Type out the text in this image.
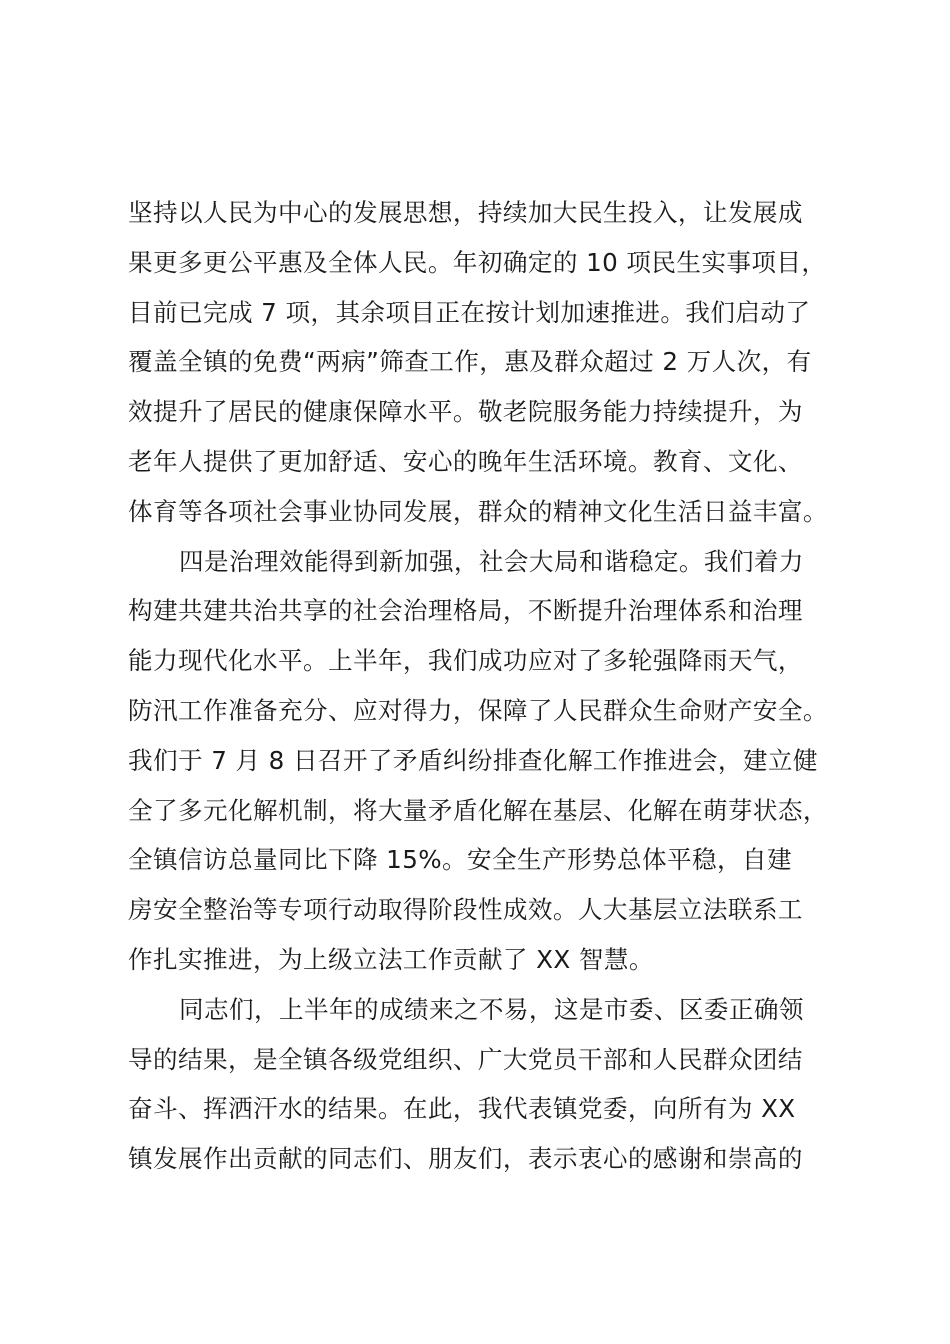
坚持以人民为中心的发展思想，持续加大民生投入，让发展成
果更多更公平惠及全体人民。年初确定的 10 项民生实事项目，
目前已完成 7 项，其余项目正在按计划加速推进。我们启动了
覆盖全镇的免费“两病”筛查工作，惠及群众超过 2 万人次，有
效提升了居民的健康保障水平。敬老院服务能力持续提升，为
老年人提供了更加舒适、安心的晚年生活环境。教育、文化、
体育等各项社会事业协同发展，群众的精神文化生活日益丰富。
四是治理效能得到新加强，社会大局和谐稳定。我们着力
构建共建共治共享的社会治理格局，不断提升治理体系和治理
能力现代化水平。上半年，我们成功应对了多轮强降雨天气，
防汛工作准备充分、应对得力，保障了人民群众生命财产安全。
我们于 7 月 8 日召开了矛盾纠纷排查化解工作推进会，建立健
全了多元化解机制，将大量矛盾化解在基层、化解在萌芽状态，
全镇信访总量同比下降 15%。安全生产形势总体平稳，自建
房安全整治等专项行动取得阶段性成效。人大基层立法联系工
作扎实推进，为上级立法工作贡献了 XX 智慧。
同志们，上半年的成绩来之不易，这是市委、区委正确领
导的结果，是全镇各级党组织、广大党员干部和人民群众团结
奋斗、挥洒汗水的结果。在此，我代表镇党委，向所有为 XX
镇发展作出贡献的同志们、朋友们，表示衷心的感谢和崇高的
